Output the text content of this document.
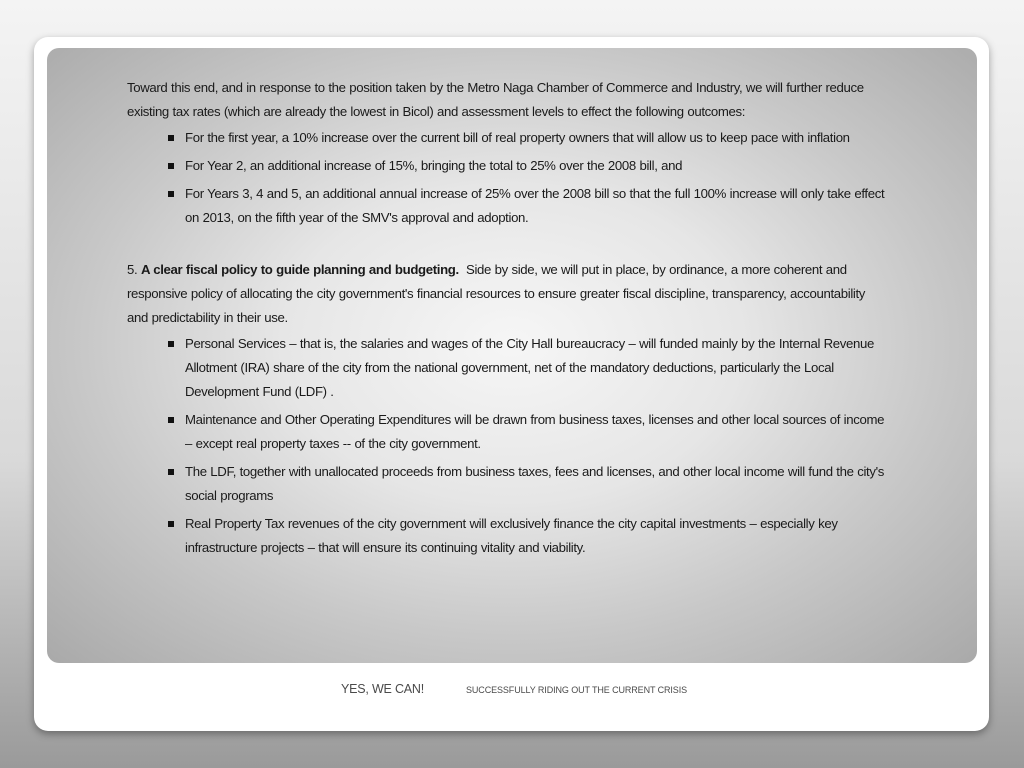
Toward this end, and in response to the position taken by the Metro Naga Chamber of Commerce and Industry, we will further reduce existing tax rates (which are already the lowest in Bicol) and assessment levels to effect the following outcomes:

For the first year, a 10% increase over the current bill of real property owners that will allow us to keep pace with inflation
For Year 2, an additional increase of 15%, bringing the total to 25% over the 2008 bill, and
For Years 3, 4 and 5, an additional annual increase of 25% over the 2008 bill so that the full 100% increase will only take effect on 2013, on the fifth year of the SMV's approval and adoption.

5. A clear fiscal policy to guide planning and budgeting. Side by side, we will put in place, by ordinance, a more coherent and responsive policy of allocating the city government's financial resources to ensure greater fiscal discipline, transparency, accountability and predictability in their use.

Personal Services – that is, the salaries and wages of the City Hall bureaucracy – will funded mainly by the Internal Revenue Allotment (IRA) share of the city from the national government, net of the mandatory deductions, particularly the Local Development Fund (LDF) .
Maintenance and Other Operating Expenditures will be drawn from business taxes, licenses and other local sources of income – except real property taxes -- of the city government.
The LDF, together with unallocated proceeds from business taxes, fees and licenses, and other local income will fund the city's social programs
Real Property Tax revenues of the city government will exclusively finance the city capital investments – especially key infrastructure projects – that will ensure its continuing vitality and viability.
YES, WE CAN!	SUCCESSFULLY RIDING OUT THE CURRENT CRISIS
